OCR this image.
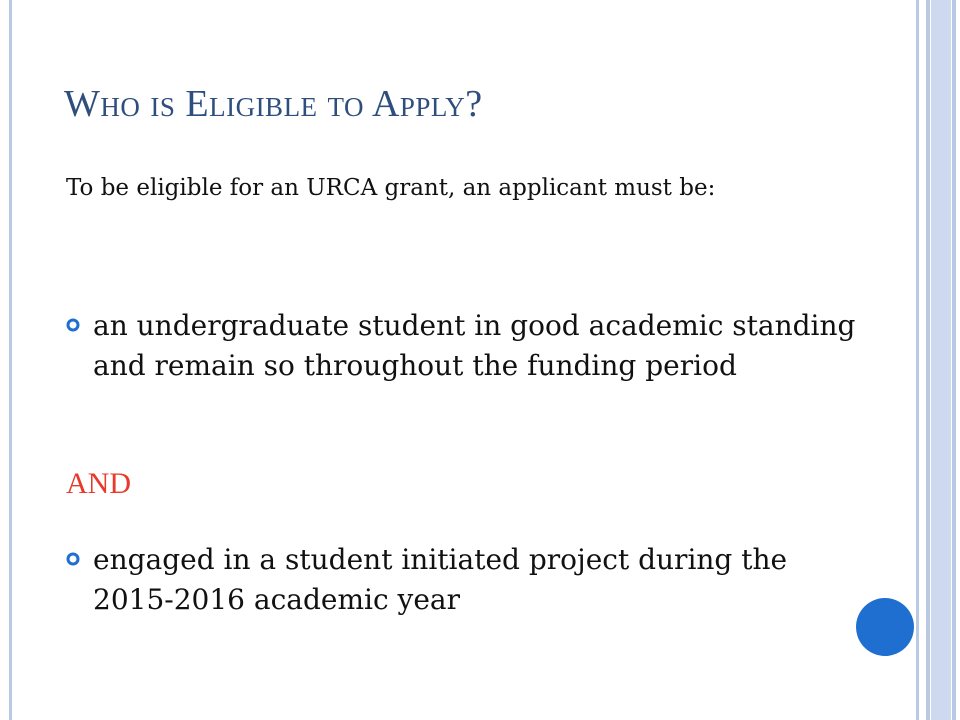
Who is Eligible to Apply?

To be eligible for an URCA grant, an applicant must be:

an undergraduate student in good academic standing and remain so throughout the funding period

AND

engaged in a student initiated project during the 2015-2016 academic year
